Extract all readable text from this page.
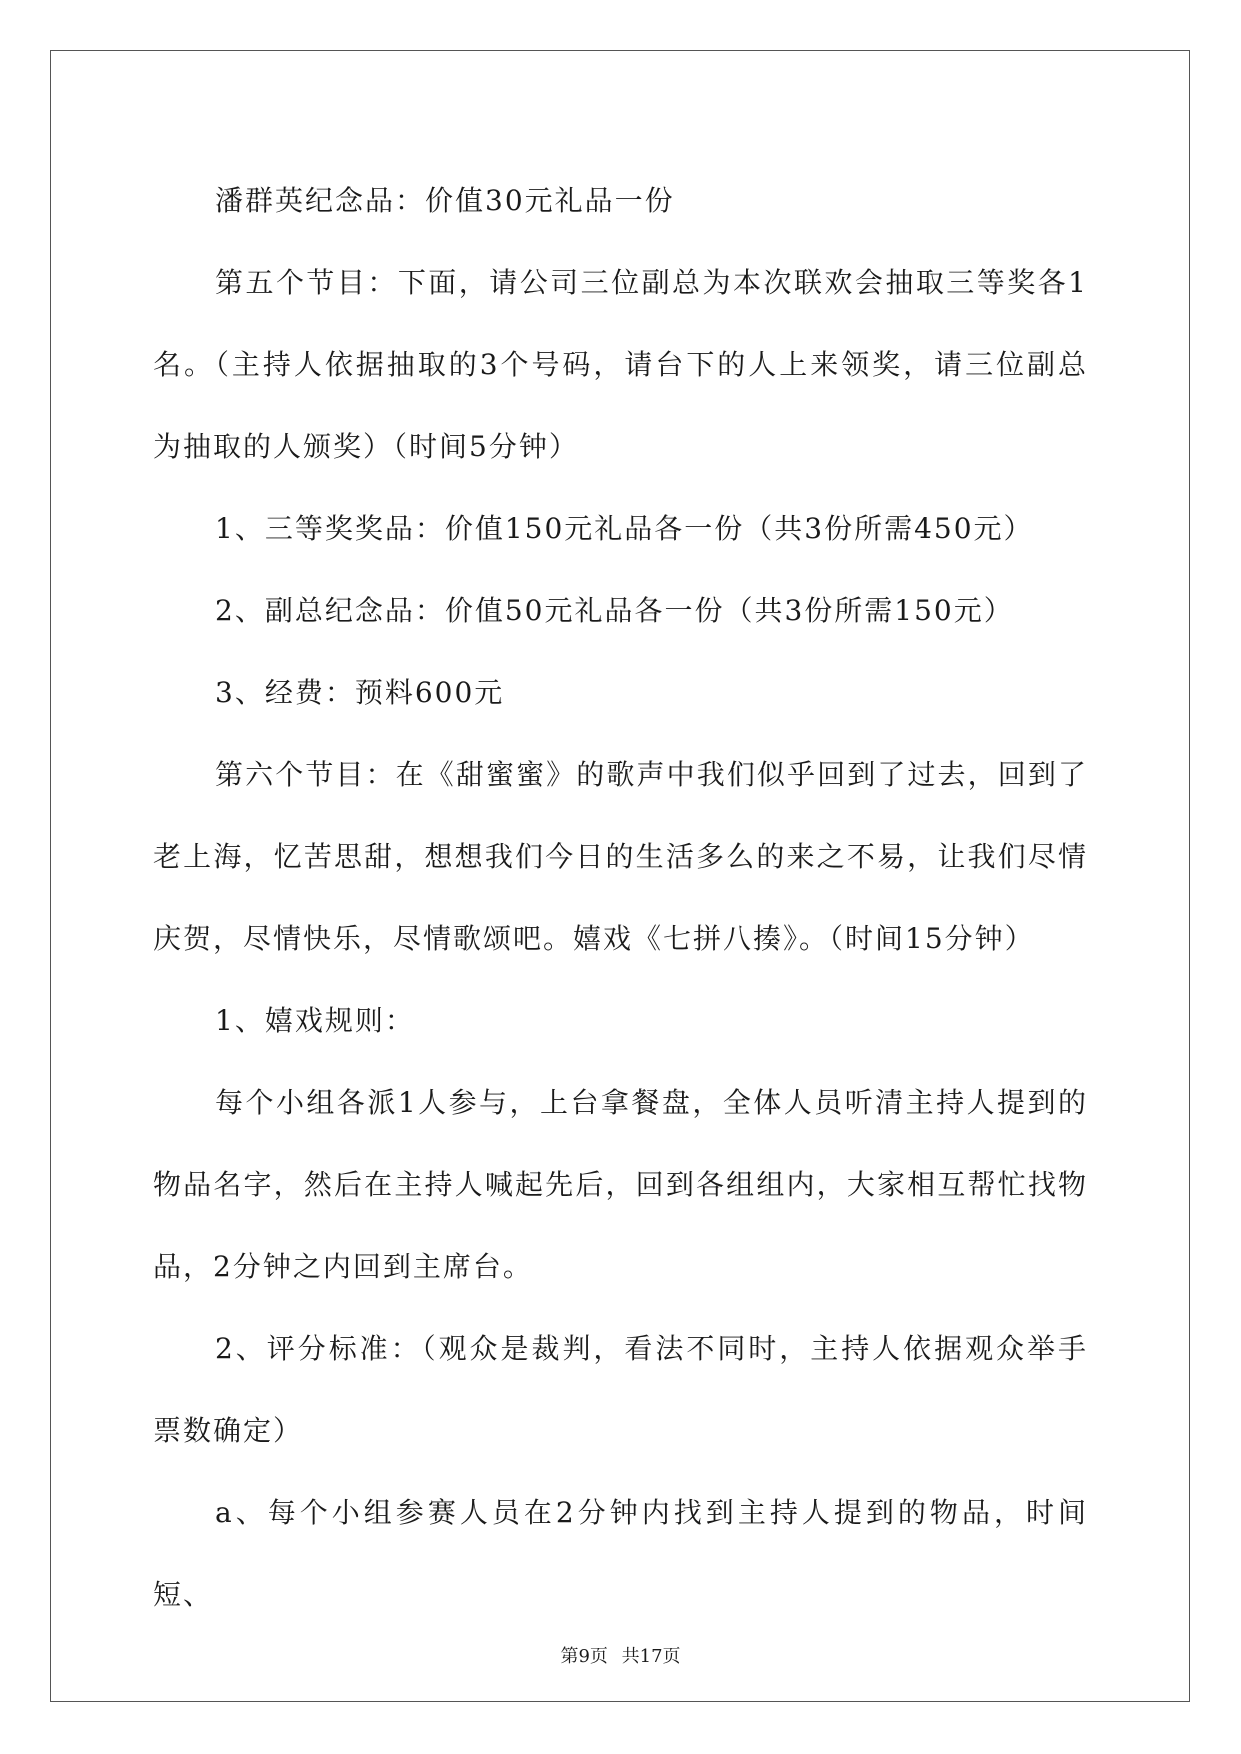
潘群英纪念品：价值30元礼品一份

第五个节目：下面，请公司三位副总为本次联欢会抽取三等奖各1名。（主持人依据抽取的3个号码，请台下的人上来领奖，请三位副总为抽取的人颁奖）（时间5分钟）

1、三等奖奖品：价值150元礼品各一份（共3份所需450元）

2、副总纪念品：价值50元礼品各一份（共3份所需150元）

3、经费：预料600元

第六个节目：在《甜蜜蜜》的歌声中我们似乎回到了过去，回到了老上海，忆苦思甜，想想我们今日的生活多么的来之不易，让我们尽情庆贺，尽情快乐，尽情歌颂吧。嬉戏《七拼八揍》。（时间15分钟）

1、嬉戏规则：

每个小组各派1人参与，上台拿餐盘，全体人员听清主持人提到的物品名字，然后在主持人喊起先后，回到各组组内，大家相互帮忙找物品，2分钟之内回到主席台。

2、评分标准：（观众是裁判，看法不同时，主持人依据观众举手票数确定）

a、每个小组参赛人员在2分钟内找到主持人提到的物品，时间短、

第9页 共17页
